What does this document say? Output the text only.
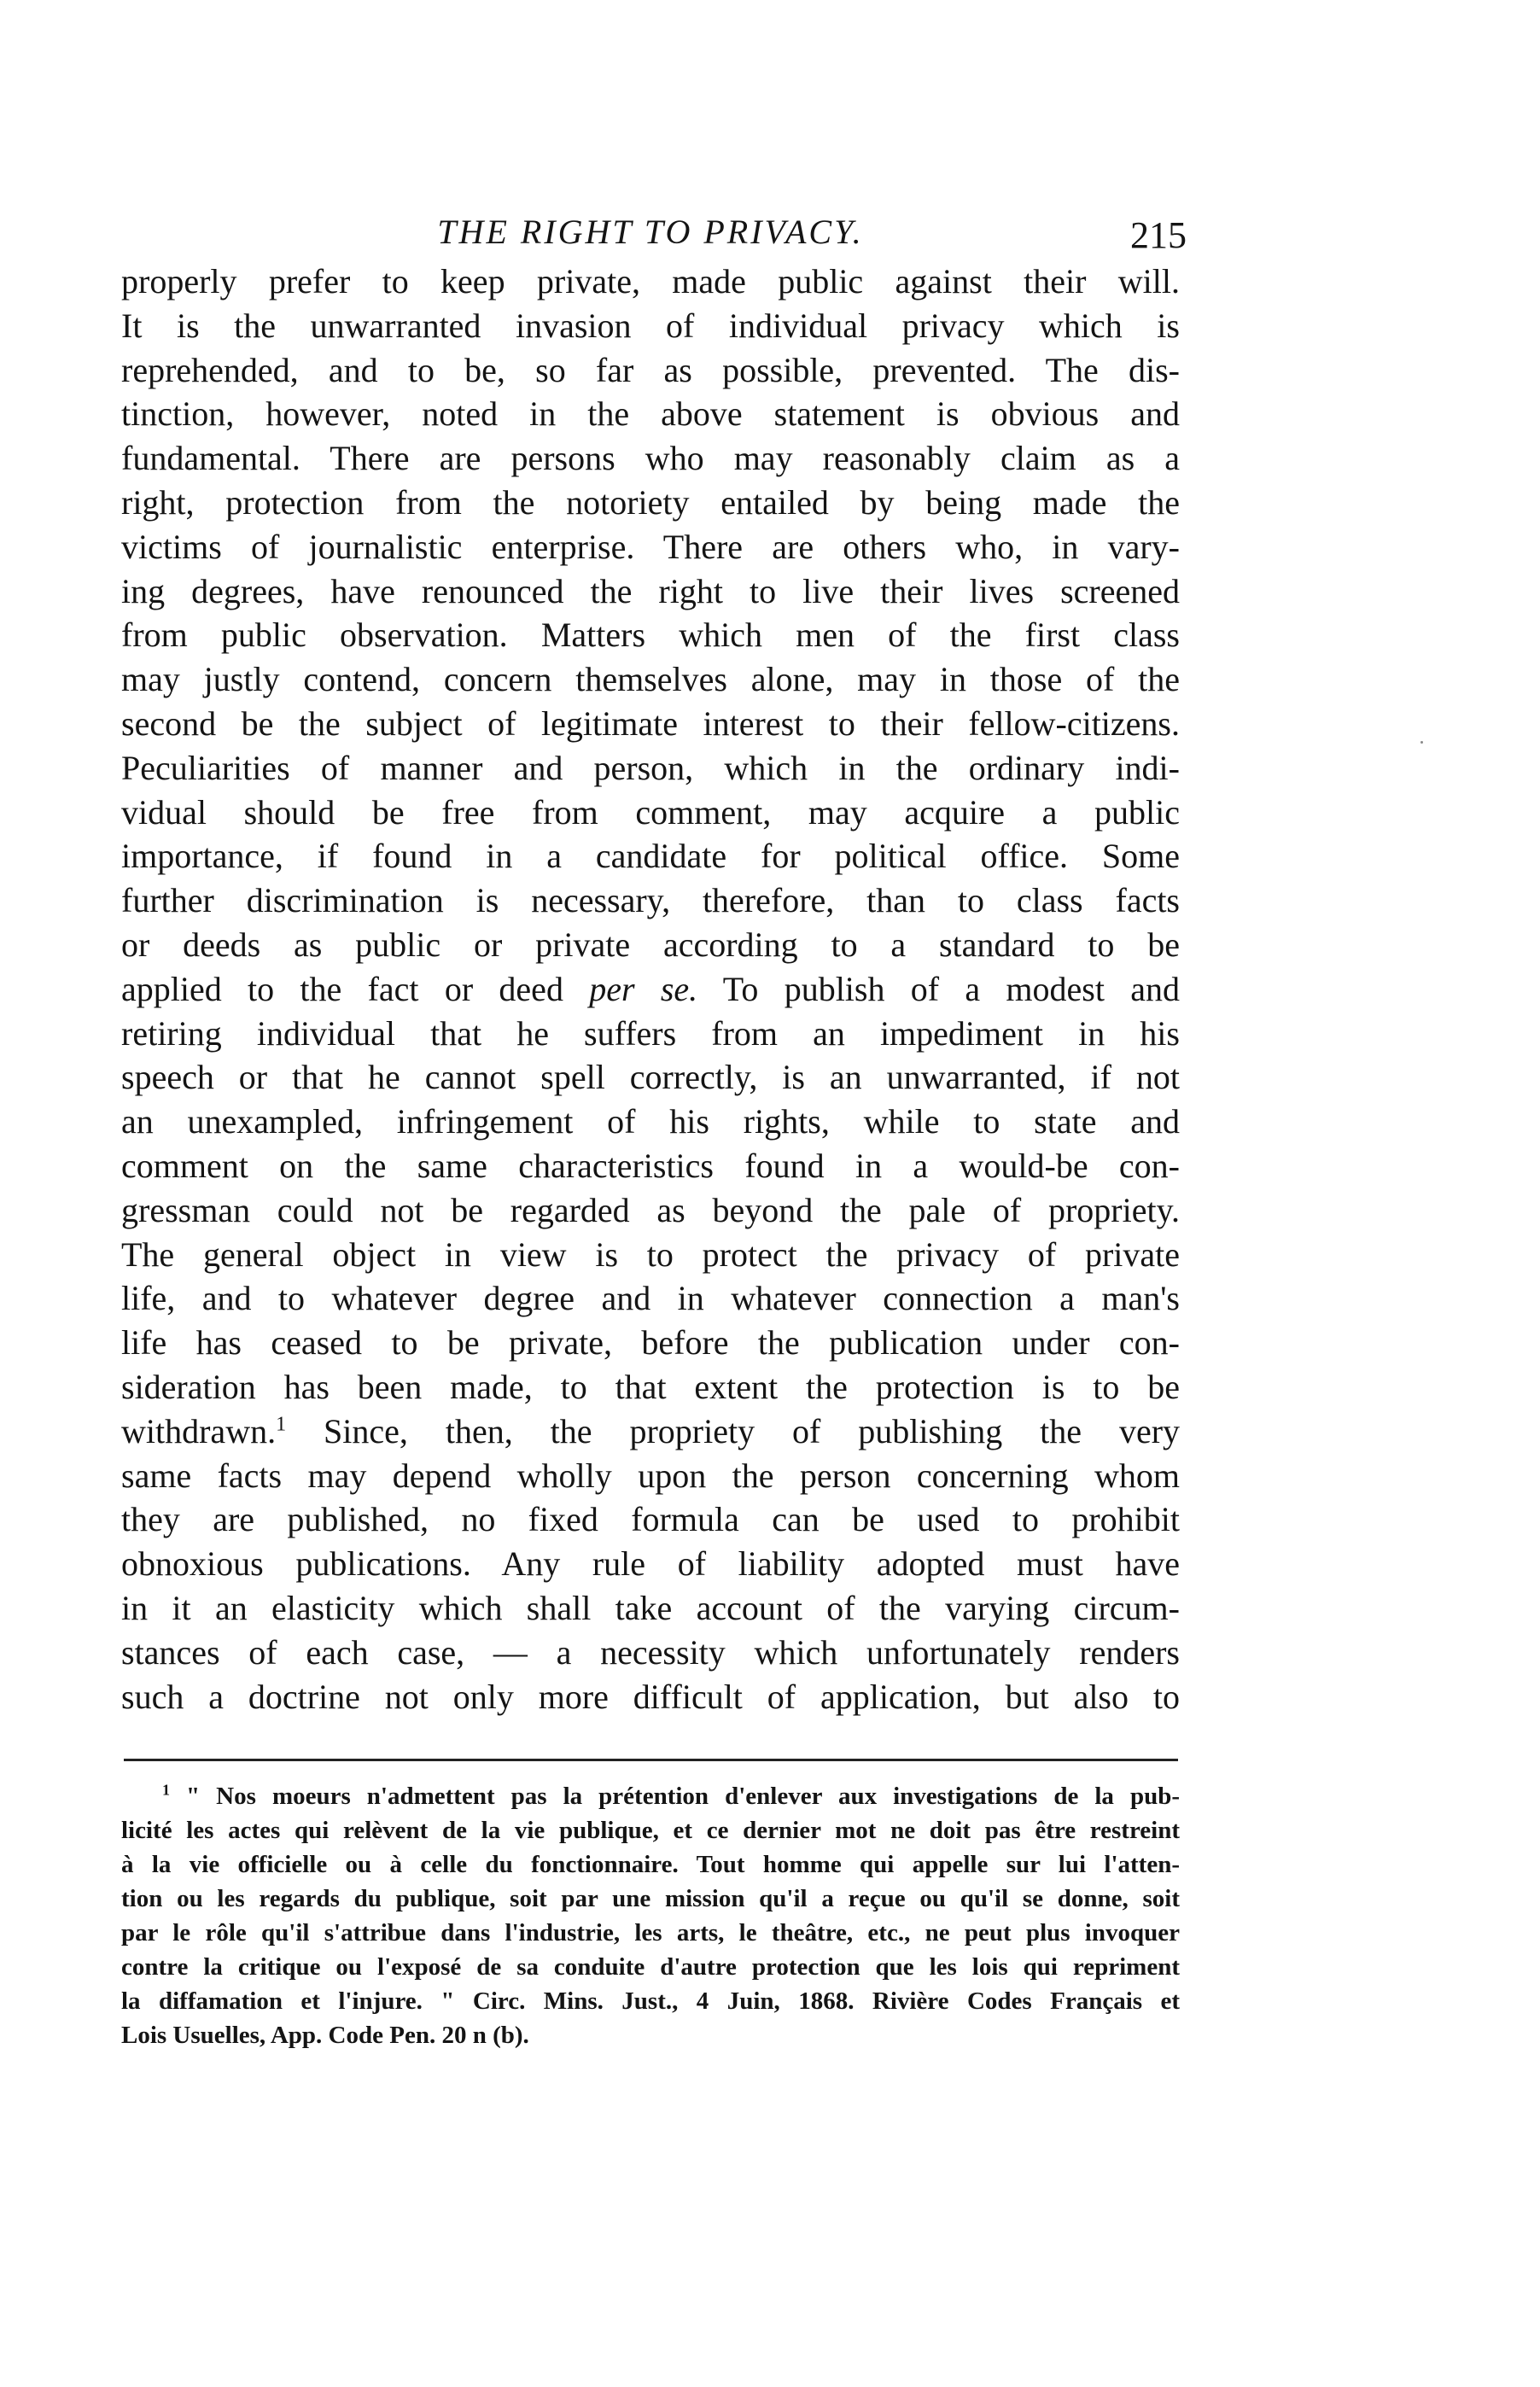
THE RIGHT TO PRIVACY.	215
properly prefer to keep private, made public against their will.
It is the unwarranted invasion of individual privacy which is
reprehended, and to be, so far as possible, prevented. The dis-
tinction, however, noted in the above statement is obvious and
fundamental. There are persons who may reasonably claim as a
right, protection from the notoriety entailed by being made the
victims of journalistic enterprise. There are others who, in vary-
ing degrees, have renounced the right to live their lives screened
from public observation. Matters which men of the first class
may justly contend, concern themselves alone, may in those of the
second be the subject of legitimate interest to their fellow-citizens.
Peculiarities of manner and person, which in the ordinary indi-
vidual should be free from comment, may acquire a public
importance, if found in a candidate for political office. Some
further discrimination is necessary, therefore, than to class facts
or deeds as public or private according to a standard to be
applied to the fact or deed per se. To publish of a modest and
retiring individual that he suffers from an impediment in his
speech or that he cannot spell correctly, is an unwarranted, if not
an unexampled, infringement of his rights, while to state and
comment on the same characteristics found in a would-be con-
gressman could not be regarded as beyond the pale of propriety.
The general object in view is to protect the privacy of private
life, and to whatever degree and in whatever connection a man's
life has ceased to be private, before the publication under con-
sideration has been made, to that extent the protection is to be
withdrawn.$^1$ Since, then, the propriety of publishing the very
same facts may depend wholly upon the person concerning whom
they are published, no fixed formula can be used to prohibit
obnoxious publications. Any rule of liability adopted must have
in it an elasticity which shall take account of the varying circum-
stances of each case, — a necessity which unfortunately renders
such a doctrine not only more difficult of application, but also to
$^1$ " Nos moeurs n'admettent pas la prétention d'enlever aux investigations de la pub-
licité les actes qui relèvent de la vie publique, et ce dernier mot ne doit pas être restreint
à la vie officielle ou à celle du fonctionnaire. Tout homme qui appelle sur lui l'atten-
tion ou les regards du publique, soit par une mission qu'il a reçue ou qu'il se donne, soit
par le rôle qu'il s'attribue dans l'industrie, les arts, le theâtre, etc., ne peut plus invoquer
contre la critique ou l'exposé de sa conduite d'autre protection que les lois qui repriment
la diffamation et l'injure. " Circ. Mins. Just., 4 Juin, 1868. Rivière Codes Français et
Lois Usuelles, App. Code Pen. 20 n (b).
